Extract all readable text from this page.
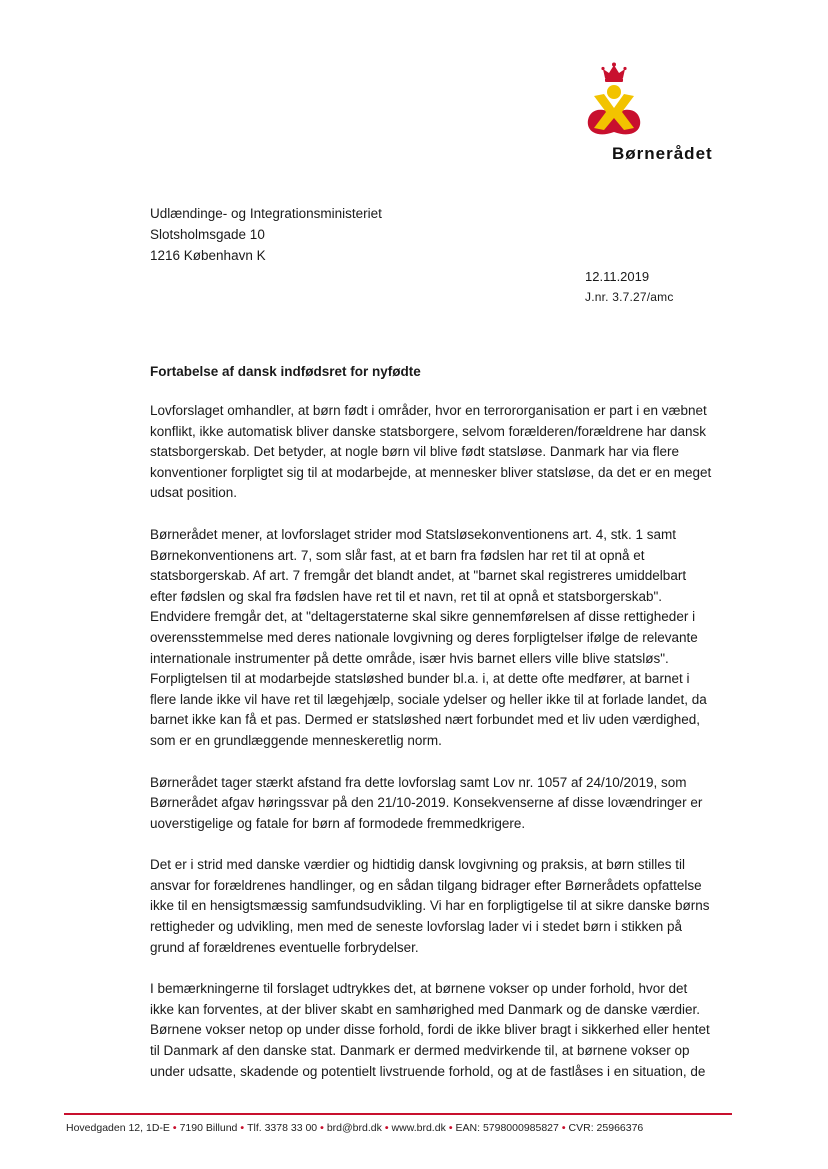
Børnerådet
Udlændinge- og Integrationsministeriet
Slotsholmsgade 10
1216 København K
12.11.2019
J.nr. 3.7.27/amc
Fortabelse af dansk indfødsret for nyfødte

Lovforslaget omhandler, at børn født i områder, hvor en terrororganisation er part i en væbnet
konflikt, ikke automatisk bliver danske statsborgere, selvom forælderen/forældrene har dansk
statsborgerskab. Det betyder, at nogle børn vil blive født statsløse. Danmark har via flere
konventioner forpligtet sig til at modarbejde, at mennesker bliver statsløse, da det er en meget
udsat position.

Børnerådet mener, at lovforslaget strider mod Statsløsekonventionens art. 4, stk. 1 samt
Børnekonventionens art. 7, som slår fast, at et barn fra fødslen har ret til at opnå et
statsborgerskab. Af art. 7 fremgår det blandt andet, at "barnet skal registreres umiddelbart
efter fødslen og skal fra fødslen have ret til et navn, ret til at opnå et statsborgerskab".
Endvidere fremgår det, at "deltagerstaterne skal sikre gennemførelsen af disse rettigheder i
overensstemmelse med deres nationale lovgivning og deres forpligtelser ifølge de relevante
internationale instrumenter på dette område, især hvis barnet ellers ville blive statsløs".
Forpligtelsen til at modarbejde statsløshed bunder bl.a. i, at dette ofte medfører, at barnet i
flere lande ikke vil have ret til lægehjælp, sociale ydelser og heller ikke til at forlade landet, da
barnet ikke kan få et pas. Dermed er statsløshed nært forbundet med et liv uden værdighed,
som er en grundlæggende menneskeretlig norm.

Børnerådet tager stærkt afstand fra dette lovforslag samt Lov nr. 1057 af 24/10/2019, som
Børnerådet afgav høringssvar på den 21/10-2019. Konsekvenserne af disse lovændringer er
uoverstigelige og fatale for børn af formodede fremmedkrigere.

Det er i strid med danske værdier og hidtidig dansk lovgivning og praksis, at børn stilles til
ansvar for forældrenes handlinger, og en sådan tilgang bidrager efter Børnerådets opfattelse
ikke til en hensigtsmæssig samfundsudvikling. Vi har en forpligtigelse til at sikre danske børns
rettigheder og udvikling, men med de seneste lovforslag lader vi i stedet børn i stikken på
grund af forældrenes eventuelle forbrydelser.

I bemærkningerne til forslaget udtrykkes det, at børnene vokser op under forhold, hvor det
ikke kan forventes, at der bliver skabt en samhørighed med Danmark og de danske værdier.
Børnene vokser netop op under disse forhold, fordi de ikke bliver bragt i sikkerhed eller hentet
til Danmark af den danske stat. Danmark er dermed medvirkende til, at børnene vokser op
under udsatte, skadende og potentielt livstruende forhold, og at de fastlåses i en situation, de

Hovedgaden 12, 1D-E • 7190 Billund • Tlf. 3378 33 00 • brd@brd.dk • www.brd.dk • EAN: 5798000985827 • CVR: 25966376
